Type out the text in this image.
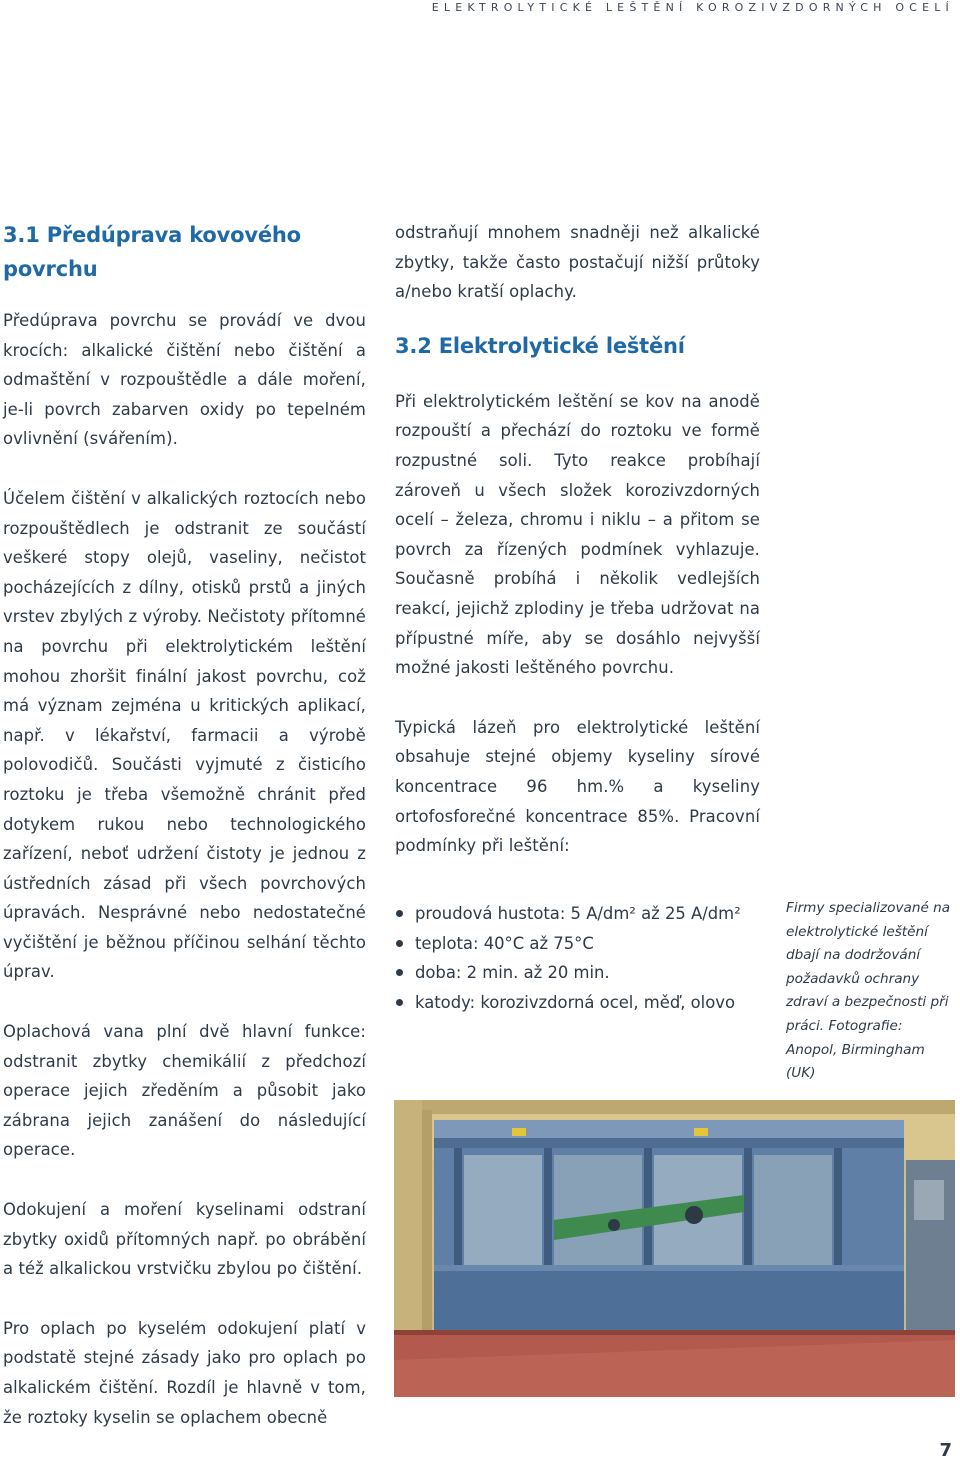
ELEKTROLYTICKÉ LEŠTĚNÍ KOROZIVZDORNÝCH OCELÍ
3.1 Předúprava kovového povrchu

Předúprava povrchu se provádí ve dvou krocích: alkalické čištění nebo čištění a odmaštění v rozpouštědle a dále moření, je-li povrch zabarven oxidy po tepelném ovlivnění (svářením).

Účelem čištění v alkalických roztocích nebo rozpouštědlech je odstranit ze součástí veškeré stopy olejů, vaseliny, nečistot pocházejících z dílny, otisků prstů a jiných vrstev zbylých z výroby. Nečistoty přítomné na povrchu při elektrolytickém leštění mohou zhoršit finální jakost povrchu, což má význam zejména u kritických aplikací, např. v lékařství, farmacii a výrobě polovodičů. Součásti vyjmuté z čisticího roztoku je třeba všemožně chránit před dotykem rukou nebo technologického zařízení, neboť udržení čistoty je jednou z ústředních zásad při všech povrchových úpravách. Nesprávné nebo nedostatečné vyčištění je běžnou příčinou selhání těchto úprav.

Oplachová vana plní dvě hlavní funkce: odstranit zbytky chemikálií z předchozí operace jejich zředěním a působit jako zábrana jejich zanášení do následující operace.

Odokujení a moření kyselinami odstraní zbytky oxidů přítomných např. po obrábění a též alkalickou vrstvičku zbylou po čištění.

Pro oplach po kyselém odokujení platí v podstatě stejné zásady jako pro oplach po alkalickém čištění. Rozdíl je hlavně v tom, že roztoky kyselin se oplachem obecně

odstraňují mnohem snadněji než alkalické zbytky, takže často postačují nižší průtoky a/nebo kratší oplachy.

3.2 Elektrolytické leštění

Při elektrolytickém leštění se kov na anodě rozpouští a přechází do roztoku ve formě rozpustné soli. Tyto reakce probíhají zároveň u všech složek korozivzdorných ocelí – železa, chromu i niklu – a přitom se povrch za řízených podmínek vyhlazuje. Současně probíhá i několik vedlejších reakcí, jejichž zplodiny je třeba udržovat na přípustné míře, aby se dosáhlo nejvyšší možné jakosti leštěného povrchu.

Typická lázeň pro elektrolytické leštění obsahuje stejné objemy kyseliny sírové koncentrace 96 hm.% a kyseliny ortofosforečné koncentrace 85%. Pracovní podmínky při leštění:

proudová hustota: 5 A/dm² až 25 A/dm²
teplota: 40°C až 75°C
doba: 2 min. až 20 min.
katody: korozivzdorná ocel, měď, olovo
Firmy specializované na elektrolytické leštění dbají na dodržování požadavků ochrany zdraví a bezpečnosti při práci. Fotografie: Anopol, Birmingham (UK)
7
